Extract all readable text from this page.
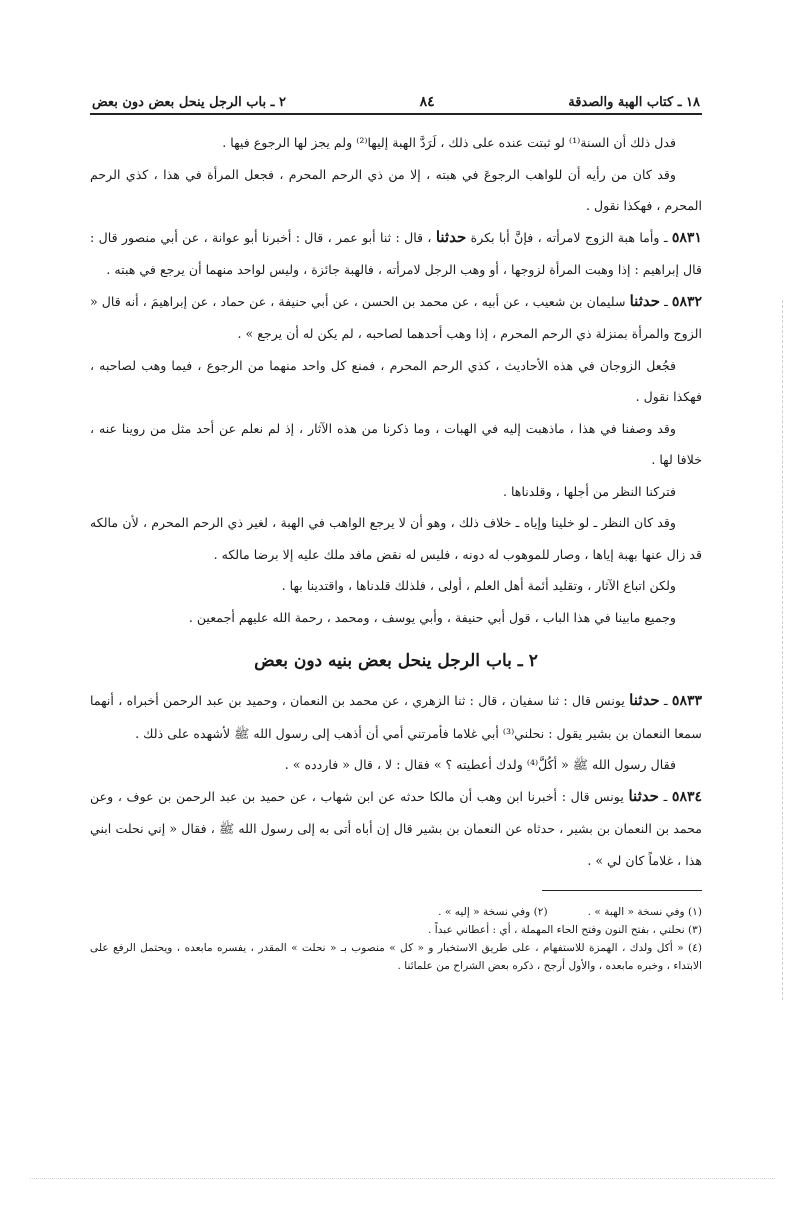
١٨ ـ كتاب الهبة والصدقة
٨٤
٢ ـ باب الرجل ينحل بعض دون بعض

فدل ذلك أن السنة⁽¹⁾ لو ثبتت عنده على ذلك ، لَرَدَّ الهبة إليها⁽²⁾ ولم يجز لها الرجوع فيها .

وقد كان من رأيه أن للواهب الرجوعَ في هبته ، إلا من ذي الرحم المحرم ، فجعل المرأة في هذا ، كذي الرحم المحرم ، فهكذا نقول .

٥٨٣١ ـ وأما هبة الزوج لامرأته ، فإنَّ أبا بكرة حدثنا ، قال : ثنا أبو عمر ، قال : أخبرنا أبو عوانة ، عن أبي منصور قال : قال إبراهيم : إذا وهبت المرأة لزوجها ، أو وهب الرجل لامرأته ، فالهبة جائزة ، وليس لواحد منهما أن يرجع في هبته .

٥٨٣٢ ـ حدثنا سليمان بن شعيب ، عن أبيه ، عن محمد بن الحسن ، عن أبي حنيفة ، عن حماد ، عن إبراهيمَ ، أنه قال « الزوج والمرأة بمنزلة ذي الرحم المحرم ، إذا وهب أحدهما لصاحبه ، لم يكن له أن يرجع » .

فجُعل الزوجان في هذه الأحاديث ، كذي الرحم المحرم ، فمنع كل واحد منهما من الرجوع ، فيما وهب لصاحبه ، فهكذا نقول .

وقد وصفنا في هذا ، ماذهبت إليه في الهبات ، وما ذكرنا من هذه الآثار ، إذ لم نعلم عن أحد مثل من روينا عنه ، خلافا لها .

فتركنا النظر من أجلها ، وقلدناها .

وقد كان النظر ـ لو خلينا وإياه ـ خلاف ذلك ، وهو أن لا يرجع الواهب في الهبة ، لغير ذي الرحم المحرم ، لأن مالكه قد زال عنها بهبة إياها ، وصار للموهوب له دونه ، فليس له نقض مافد ملك عليه إلا برضا مالكه .

ولكن اتباع الآثار ، وتقليد أئمة أهل العلم ، أولى ، فلذلك قلدناها ، واقتدينا بها .

وجميع مابينا في هذا الباب ، قول أبي حنيفة ، وأبي يوسف ، ومحمد ، رحمة الله عليهم أجمعين .

٢ ـ باب الرجل ينحل بعض بنيه دون بعض

٥٨٣٣ ـ حدثنا يونس قال : ثنا سفيان ، قال : ثنا الزهري ، عن محمد بن النعمان ، وحميد بن عبد الرحمن أخبراه ، أنهما سمعا النعمان بن بشير يقول : نحلني⁽³⁾ أبي غلاما فأمرتني أمي أن أذهب إلى رسول الله ﷺ لأشهده على ذلك .

فقال رسول الله ﷺ « أكُلَّ⁽⁴⁾ ولدك أعطيته ؟ » فقال : لا ، قال « فاردده » .

٥٨٣٤ ـ حدثنا يونس قال : أخبرنا ابن وهب أن مالكا حدثه عن ابن شهاب ، عن حميد بن عبد الرحمن بن عوف ، وعن محمد بن النعمان بن بشير ، حدثاه عن النعمان بن بشير قال إن أباه أتى به إلى رسول الله ﷺ ، فقال « إني نحلت ابني هذا ، غلاماً كان لي » .

(١) وفي نسخة « الهبة » .

(٢) وفي نسخة « إليه » .

(٣) نحلني ، بفتح النون وفتح الحاء المهملة ، أي : أعطاني عبداً .

(٤) « أكل ولدك ، الهمزة للاستفهام ، على طريق الاستخبار و « كل » منصوب بـ « نحلت » المقدر ، يفسره مابعده ، ويحتمل الرفع على الابتداء ، وخبره مابعده ، والأول أرجح ، ذكره بعض الشراح من علمائنا .
